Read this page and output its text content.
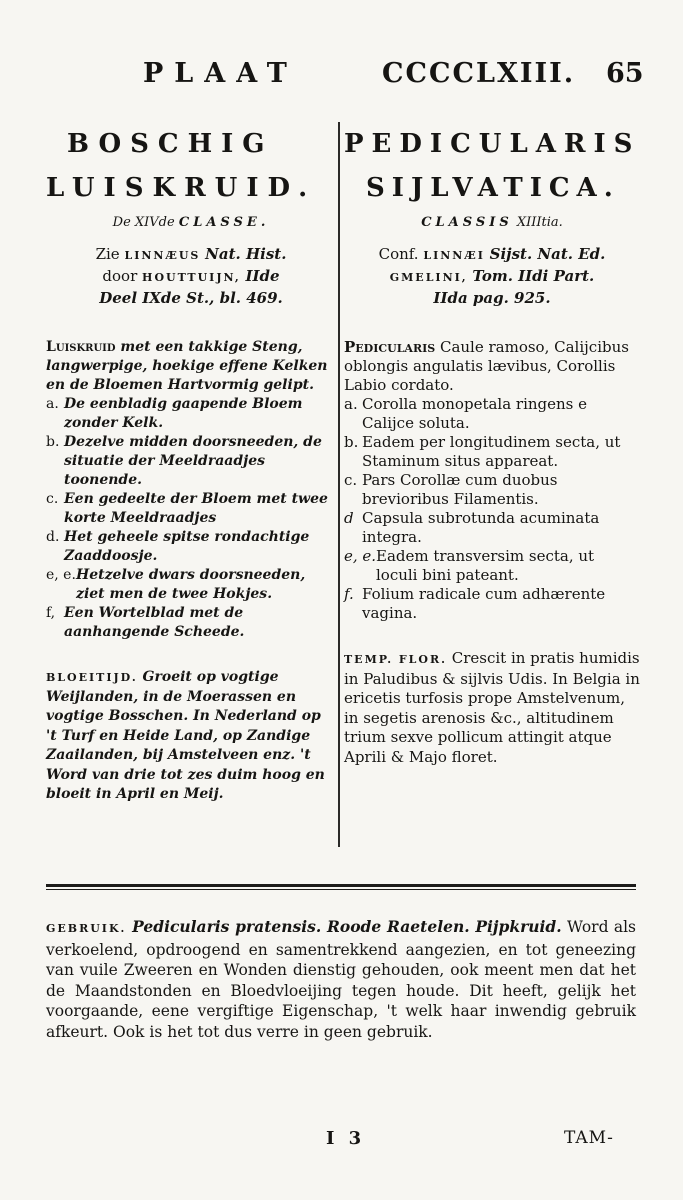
PLAAT	CCCCLXIII. 65
BOSCHIG
LUISKRUID.
De XIVde CLASSE.
Zie LINNÆUS Nat. Hist.
door HOUTTUIJN, IIde
Deel IXde St., bl. 469.
Luiskruid met een takkige Steng, langwerpige, hoekige effene Kelken en de Bloemen Hartvormig gelipt.
a. De eenbladig gaapende Bloem zonder Kelk.
b. Dezelve midden doorsneeden, de situatie der Meeldraadjes toonende.
c. Een gedeelte der Bloem met twee korte Meeldraadjes
d. Het geheele spitse rondachtige Zaaddoosje.
e, e. Hetzelve dwars doorsneeden, ziet men de twee Hokjes.
f, Een Wortelblad met de aanhangende Scheede.
BLOEITIJD. Groeit op vogtige Weijlanden, in de Moerassen en vogtige Bosschen. In Nederland op 't Turf en Heide Land, op Zandige Zaailanden, bij Amstelveen enz. 't Word van drie tot zes duim hoog en bloeit in April en Meij.
PEDICULARIS
SIJLVATICA.
CLASSIS XIIItia.
Conf. LINNÆI Sijst. Nat. Ed.
GMELINI, Tom. IIdi Part.
IIda pag. 925.
Pedicularis Caule ramoso, Calijcibus oblongis angulatis lævibus, Corollis Labio cordato.
a. Corolla monopetala ringens e Calijce soluta.
b. Eadem per longitudinem secta, ut Staminum situs appareat.
c. Pars Corollæ cum duobus brevioribus Filamentis.
d Capsula subrotunda acuminata integra.
e, e. Eadem transversim secta, ut loculi bini pateant.
f. Folium radicale cum adhærente vagina.
TEMP. FLOR. Crescit in pratis humidis in Paludibus & sijlvis Udis. In Belgia in ericetis turfosis prope Amstelvenum, in segetis arenosis &c., altitudinem trium sexve pollicum attingit atque Aprili & Majo floret.
GEBRUIK. Pedicularis pratensis. Roode Raetelen. Pijpkruid. Word als verkoelend, opdroogend en samentrekkend aangezien, en tot geneezing van vuile Zweeren en Wonden dienstig gehouden, ook meent men dat het de Maandstonden en Bloedvloeijing tegen houde. Dit heeft, gelijk het voorgaande, eene vergiftige Eigenschap, 't welk haar inwendig gebruik afkeurt. Ook is het tot dus verre in geen gebruik.
I 3	TAM-
